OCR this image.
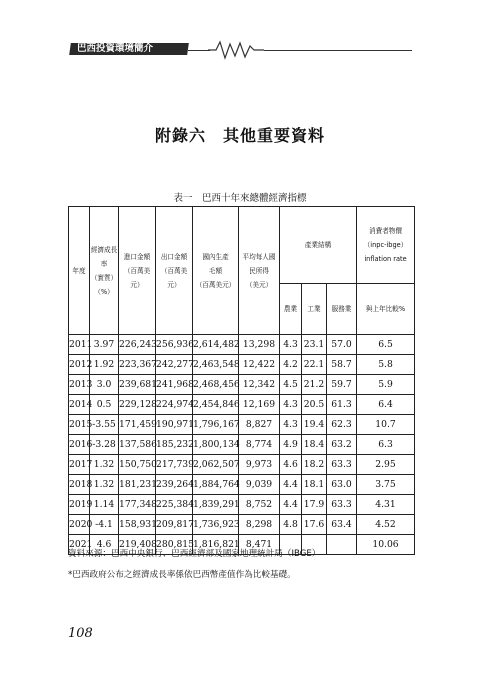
巴西投資環境簡介
附錄六　其他重要資料
表一　巴西十年來總體經濟指標
年度	經濟成長
率
（實質）
（%）	進口金額
（百萬美元）	出口金額
（百萬美元）	國內生產
毛額
（百萬美元）	平均每人國
民所得
（美元）	產業結構			消費者物價
（inpc-ibge）
inflation rate

						農業	工業	服務業	與上年比較%
2011	3.97	226,243	256,936	2,614,482	13,298	4.3	23.1	57.0	6.5
2012	1.92	223,367	242,277	2,463,548	12,422	4.2	22.1	58.7	5.8
2013	3.0	239,681	241,968	2,468,456	12,342	4.5	21.2	59.7	5.9
2014	0.5	229,128	224,974	2,454,846	12,169	4.3	20.5	61.3	6.4
2015	-3.55	171,459	190,971	1,796,167	8,827	4.3	19.4	62.3	10.7
2016	-3.28	137,586	185,232	1,800,134	8,774	4.9	18.4	63.2	6.3
2017	1.32	150,750	217,739	2,062,507	9,973	4.6	18.2	63.3	2.95
2018	1.32	181,231	239,264	1,884,764	9,039	4.4	18.1	63.0	3.75
2019	1.14	177,348	225,384	1,839,291	8,752	4.4	17.9	63.3	4.31
2020	-4.1	158,931	209,817	1,736,923	8,298	4.8	17.6	63.4	4.52
2021	4.6	219,408	280,815	1,816,821	8,471				10.06
資料來源：巴西中央銀行、巴西經濟部及國家地理統計局（IBGE）
*巴西政府公布之經濟成長率係依巴西幣產值作為比較基礎。
108
